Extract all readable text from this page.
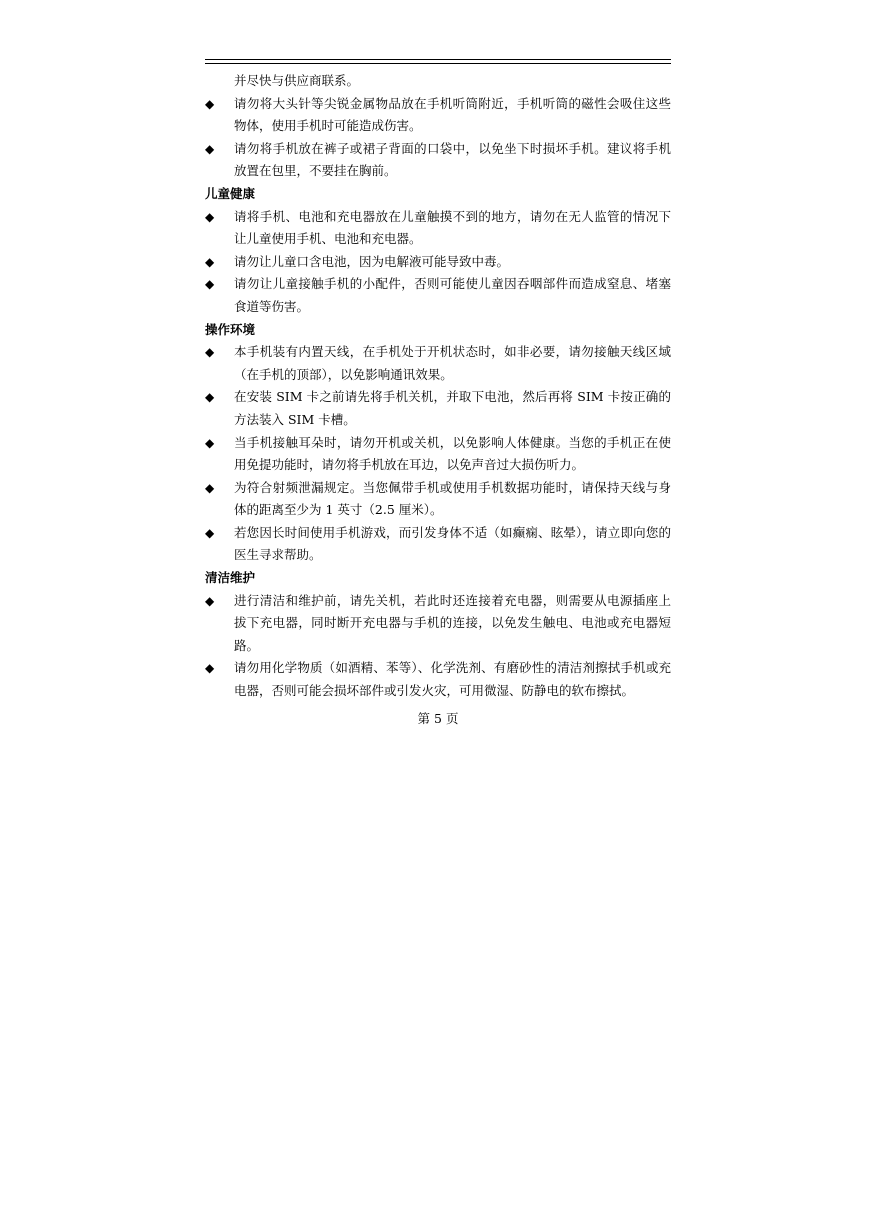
并尽快与供应商联系。

◆	请勿将大头针等尖锐金属物品放在手机听筒附近，手机听筒的磁性会吸住这些物体，使用手机时可能造成伤害。
◆	请勿将手机放在裤子或裙子背面的口袋中，以免坐下时损坏手机。建议将手机放置在包里，不要挂在胸前。

儿童健康

◆	请将手机、电池和充电器放在儿童触摸不到的地方，请勿在无人监管的情况下让儿童使用手机、电池和充电器。
◆	请勿让儿童口含电池，因为电解液可能导致中毒。
◆	请勿让儿童接触手机的小配件，否则可能使儿童因吞咽部件而造成窒息、堵塞食道等伤害。

操作环境

◆	本手机装有内置天线，在手机处于开机状态时，如非必要，请勿接触天线区域（在手机的顶部），以免影响通讯效果。
◆	在安装 SIM 卡之前请先将手机关机，并取下电池，然后再将 SIM 卡按正确的方法装入 SIM 卡槽。
◆	当手机接触耳朵时，请勿开机或关机，以免影响人体健康。当您的手机正在使用免提功能时，请勿将手机放在耳边，以免声音过大损伤听力。
◆	为符合射频泄漏规定。当您佩带手机或使用手机数据功能时，请保持天线与身体的距离至少为 1 英寸（2.5 厘米）。
◆	若您因长时间使用手机游戏，而引发身体不适（如癫痫、眩晕），请立即向您的医生寻求帮助。

清洁维护

◆	进行清洁和维护前，请先关机，若此时还连接着充电器，则需要从电源插座上拔下充电器，同时断开充电器与手机的连接，以免发生触电、电池或充电器短路。
◆	请勿用化学物质（如酒精、苯等）、化学洗剂、有磨砂性的清洁剂擦拭手机或充电器，否则可能会损坏部件或引发火灾，可用微湿、防静电的软布擦拭。
第 5 页
